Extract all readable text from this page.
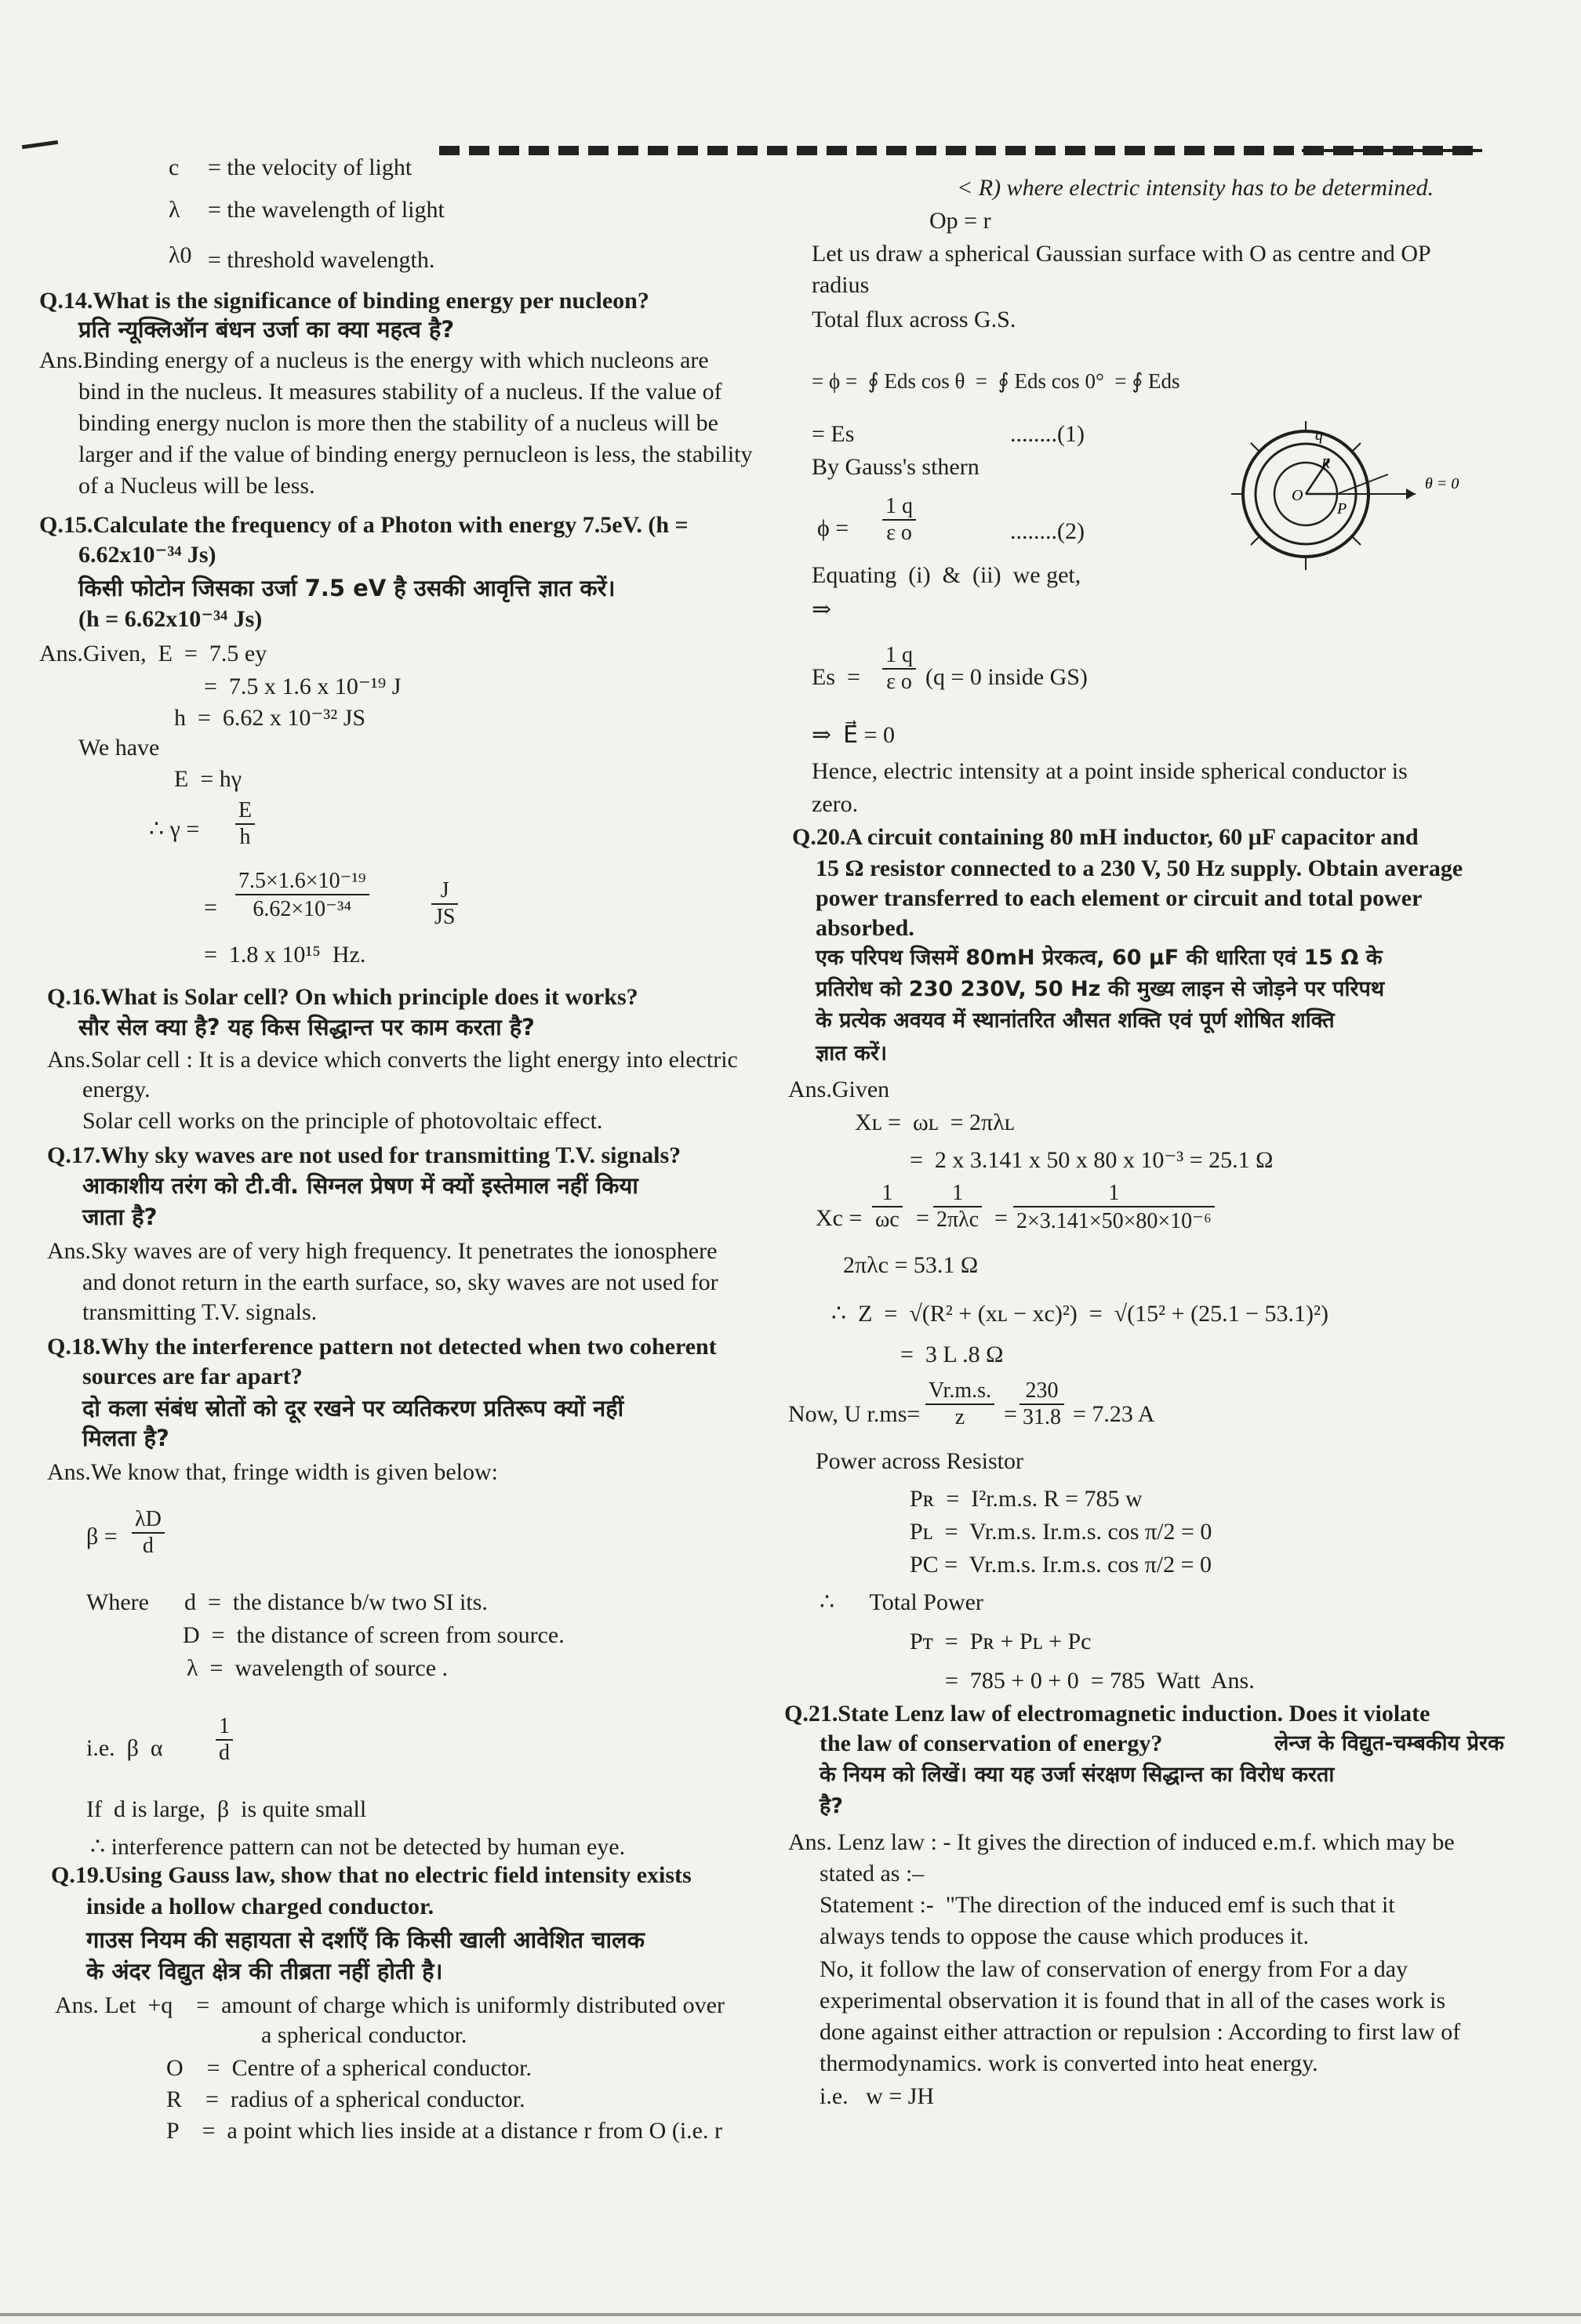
c = the velocity of light
λ = the wavelength of light
λ0 = threshold wavelength.
Q.14.What is the significance of binding energy per nucleon?
प्रति न्यूक्लिऑन बंधन उर्जा का क्या महत्व है?
Ans.Binding energy of a nucleus is the energy with which nucleons are
bind in the nucleus. It measures stability of a nucleus. If the value of
binding energy nuclon is more then the stability of a nucleus will be
larger and if the value of binding energy pernucleon is less, the stability
of a Nucleus will be less.
Q.15.Calculate the frequency of a Photon with energy 7.5eV. (h =
6.62x10⁻³⁴ Js)
किसी फोटोन जिसका उर्जा 7.5 eV है उसकी आवृत्ति ज्ञात करें।
(h = 6.62x10⁻³⁴ Js)
Ans.Given,  E  =  7.5 ey
=  7.5 x 1.6 x 10⁻¹⁹ J
h  =  6.62 x 10⁻³² JS
We have
E  = hγ
∴ $\gamma = \frac{E}{h}$
= $\frac{\text{7.5×1.6×10⁻¹⁹}}{\text{6.62×10⁻³⁴}}$	$\frac{J}{JS}$
=  1.8 x 10¹⁵  Hz.
Q.16.What is Solar cell? On which principle does it works?
सौर सेल क्या है? यह किस सिद्धान्त पर काम करता है?
Ans.Solar cell : It is a device which converts the light energy into electric
energy.
Solar cell works on the principle of photovoltaic effect.
Q.17.Why sky waves are not used for transmitting T.V. signals?
आकाशीय तरंग को टी.वी. सिग्नल प्रेषण में क्यों इस्तेमाल नहीं किया
जाता है?
Ans.Sky waves are of very high frequency. It penetrates the ionosphere
and donot return in the earth surface, so, sky waves are not used for
transmitting T.V. signals.
Q.18.Why the interference pattern not detected when two coherent
sources are far apart?
दो कला संबंध स्रोतों को दूर रखने पर व्यतिकरण प्रतिरूप क्यों नहीं
मिलता है?
Ans.We know that, fringe width is given below:
$\beta = \frac{\lambda D}{d}$
Where d  =  the distance b/w two SI its.
D  =  the distance of screen from source.
λ  =  wavelength of source .
i.e.  β  α $\frac{1}{d}$
If  d is large,  β  is quite small
∴ interference pattern can not be detected by human eye.
Q.19.Using Gauss law, show that no electric field intensity exists
inside a hollow charged conductor.
गाउस नियम की सहायता से दर्शाएँ कि किसी खाली आवेशित चालक
के अंदर विद्युत क्षेत्र की तीब्रता नहीं होती है।
Ans. Let  +q    =  amount of charge which is uniformly distributed over
a spherical conductor.
O    =  Centre of a spherical conductor.
R    =  radius of a spherical conductor.
P    =  a point which lies inside at a distance r from O (i.e. r
< R) where electric intensity has to be determined.
Op = r
Let us draw a spherical Gaussian surface with O as centre and OP
radius
Total flux across G.S.
= ϕ =  ∮ Eds cos θ  =  ∮ Eds cos 0°  = ∮ Eds
= Es	........(1)
By Gauss's sthern
$\phi = \frac{1 q}{\text{ε o}}$	........(2)
Equating  (i)  &  (ii)  we get,
⇒
$Es = \frac{1 q}{\text{ε o}} (q = 0$ inside GS)
⇒  E⃗ = 0
Hence, electric intensity at a point inside spherical conductor is
zero.
Q.20.A circuit containing 80 mH inductor, 60 μF capacitor and
15 Ω resistor connected to a 230 V, 50 Hz supply. Obtain average
power transferred to each element or circuit and total power
absorbed.
एक परिपथ जिसमें 80mH प्रेरकत्व, 60 μF की धारिता एवं 15 Ω के
प्रतिरोध को 230 230V, 50 Hz की मुख्य लाइन से जोड़ने पर परिपथ
के प्रत्येक अवयव में स्थानांतरित औसत शक्ति एवं पूर्ण शोषित शक्ति
ज्ञात करें।
Ans.Given
Xʟ =  ωʟ  = 2πλʟ
=  2 x 3.141 x 50 x 80 x 10⁻³ = 25.1 Ω
$Xc = \frac{1}{\omega c}$ =
1
$2\pi\lambda c = \frac{1}{\text{2×3.141×50×80×10⁻⁶}}$
2πλc = 53.1 Ω
∴  Z  =  √(R² + (xʟ − xc)²)  =  √(15² + (25.1 − 53.1)²)
=  3 L .8 Ω
Now, U $r.ms= \frac{Vr.m.s.}{z} = \frac{230}{31.8} = 7.23$ A
Power across Resistor
Pʀ  =  I²r.m.s. R = 785 w
Pʟ  =  Vr.m.s. Ir.m.s. cos π/2 = 0
PC =  Vr.m.s. Ir.m.s. cos π/2 = 0
∴      Total Power
Pᴛ  =  Pʀ + Pʟ + Pc
=  785 + 0 + 0  = 785  Watt  Ans.
Q.21.State Lenz law of electromagnetic induction. Does it violate
the law of conservation of energy?	लेन्ज के विद्युत-चम्बकीय प्रेरक
के नियम को लिखें। क्या यह उर्जा संरक्षण सिद्धान्त का विरोध करता
है?
Ans. Lenz law : - It gives the direction of induced e.m.f. which may be
stated as :–
Statement :-  "The direction of the induced emf is such that it
always tends to oppose the cause which produces it.
No, it follow the law of conservation of energy from For a day
experimental observation it is found that in all of the cases work is
done against either attraction or repulsion : According to first law of
thermodynamics. work is converted into heat energy.
i.e.   w = JH
q
O
P
R
θ = 0
